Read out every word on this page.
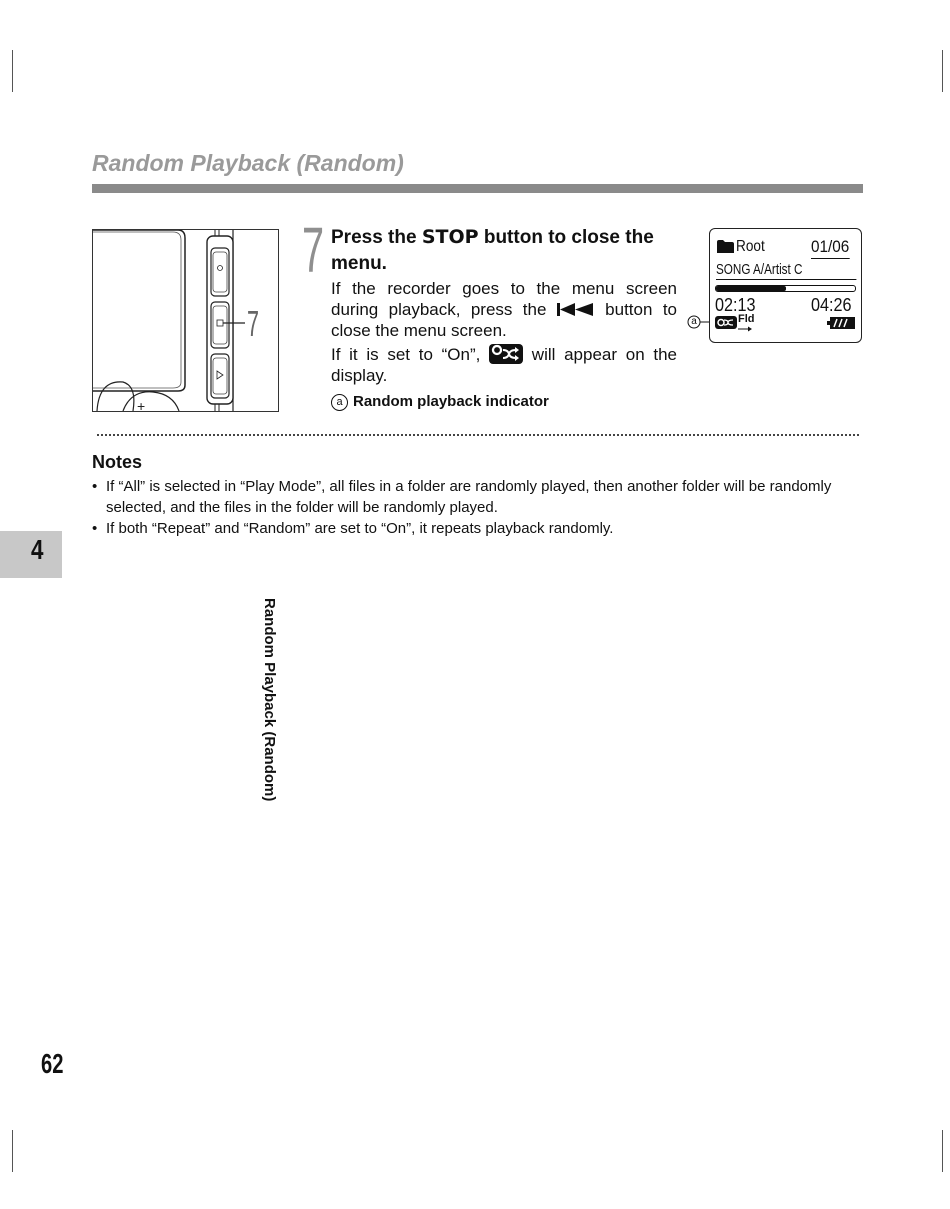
Random Playback (Random)
+
7
7 Press the STOP button to close the menu.

If the recorder goes to the menu screen during playback, press the  button to close the menu screen.

If it is set to “On”,  will appear on the display.

a Random playback indicator
a
Root	01/06
SONG A/Artist C
02:13	04:26
Fld
Notes
• If “All” is selected in “Play Mode”, all files in a folder are randomly played, then another folder will be randomly selected, and the files in the folder will be randomly played.
• If both “Repeat” and “Random” are set to “On”, it repeats playback randomly.
4
Random Playback (Random)
62
